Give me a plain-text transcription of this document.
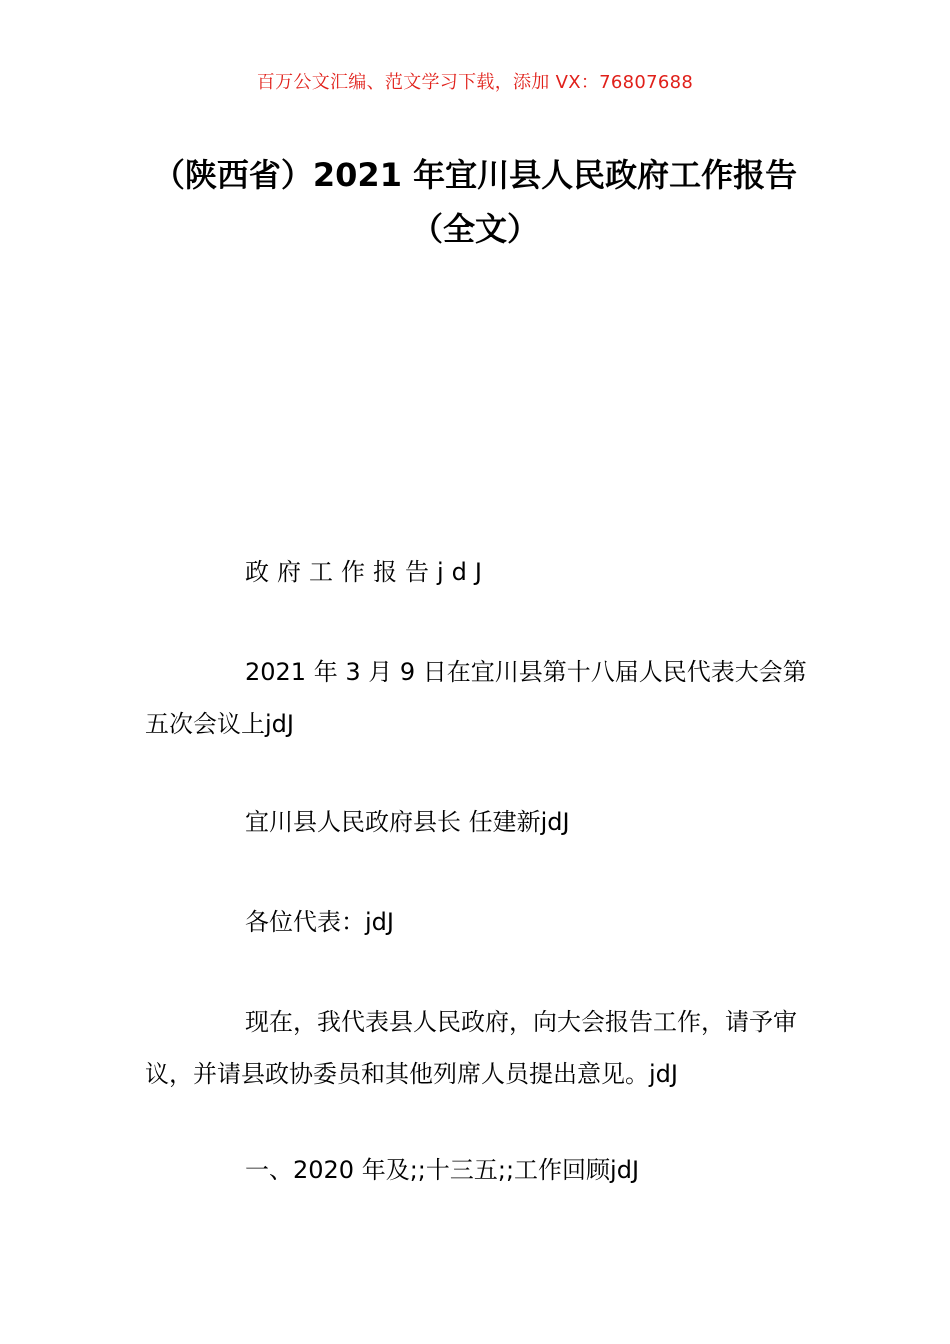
百万公文汇编、范文学习下载，添加 VX：76807688
（陕西省）2021 年宜川县人民政府工作报告（全文）

政府工作报告jdJ

2021 年 3 月 9 日在宜川县第十八届人民代表大会第五次会议上jdJ

宜川县人民政府县长 任建新jdJ

各位代表：jdJ

现在，我代表县人民政府，向大会报告工作，请予审议，并请县政协委员和其他列席人员提出意见。jdJ

一、2020 年及;;十三五;;工作回顾jdJ
